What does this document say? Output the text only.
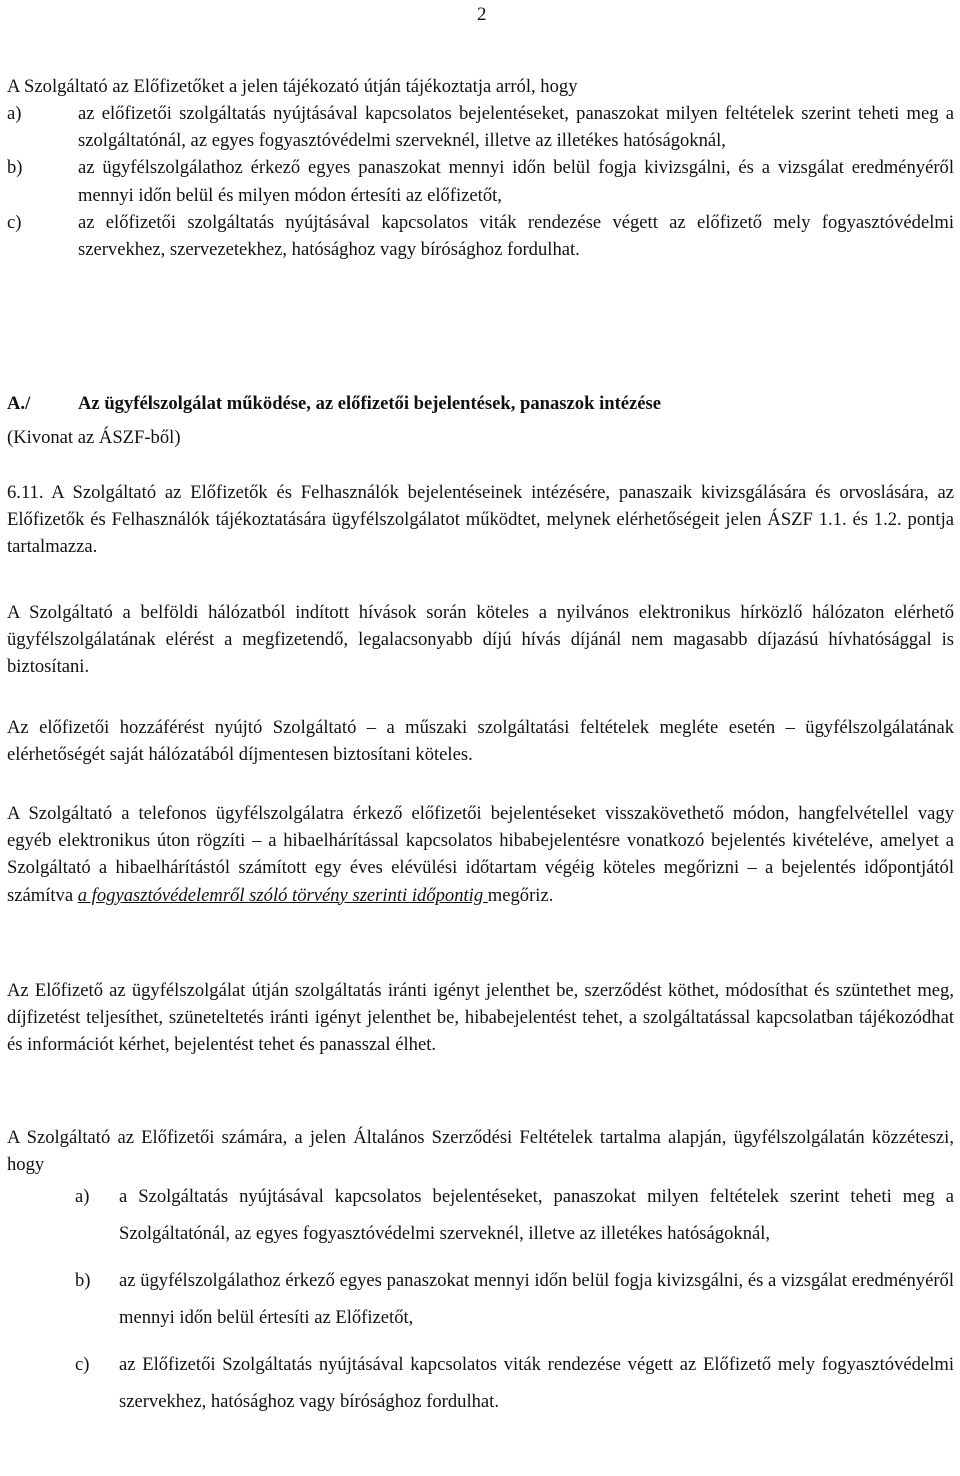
2

A Szolgáltató az Előfizetőket a jelen tájékozató útján tájékoztatja arról, hogy

a)	az előfizetői szolgáltatás nyújtásával kapcsolatos bejelentéseket, panaszokat milyen feltételek szerint teheti meg a szolgáltatónál, az egyes fogyasztóvédelmi szerveknél, illetve az illetékes hatóságoknál,
b)	az ügyfélszolgálathoz érkező egyes panaszokat mennyi időn belül fogja kivizsgálni, és a vizsgálat eredményéről mennyi időn belül és milyen módon értesíti az előfizetőt,
c)	az előfizetői szolgáltatás nyújtásával kapcsolatos viták rendezése végett az előfizető mely fogyasztóvédelmi szervekhez, szervezetekhez, hatósághoz vagy bírósághoz fordulhat.
A./	Az ügyfélszolgálat működése, az előfizetői bejelentések, panaszok intézése
(Kivonat az ÁSZF-ből)

6.11. A Szolgáltató az Előfizetők és Felhasználók bejelentéseinek intézésére, panaszaik kivizsgálására és orvoslására, az Előfizetők és Felhasználók tájékoztatására ügyfélszolgálatot működtet, melynek elérhetőségeit jelen ÁSZF 1.1. és 1.2. pontja tartalmazza.

A Szolgáltató a belföldi hálózatból indított hívások során köteles a nyilvános elektronikus hírközlő hálózaton elérhető ügyfélszolgálatának elérést a megfizetendő, legalacsonyabb díjú hívás díjánál nem magasabb díjazású hívhatósággal is biztosítani.

Az előfizetői hozzáférést nyújtó Szolgáltató – a műszaki szolgáltatási feltételek megléte esetén – ügyfélszolgálatának elérhetőségét saját hálózatából díjmentesen biztosítani köteles.

A Szolgáltató a telefonos ügyfélszolgálatra érkező előfizetői bejelentéseket visszakövethető módon, hangfelvétellel vagy egyéb elektronikus úton rögzíti – a hibaelhárítással kapcsolatos hibabejelentésre vonatkozó bejelentés kivételéve, amelyet a Szolgáltató a hibaelhárítástól számított egy éves elévülési időtartam végéig köteles megőrizni – a bejelentés időpontjától számítva a fogyasztóvédelemről szóló törvény szerinti időpontig megőriz.

Az Előfizető az ügyfélszolgálat útján szolgáltatás iránti igényt jelenthet be, szerződést köthet, módosíthat és szüntethet meg, díjfizetést teljesíthet, szüneteltetés iránti igényt jelenthet be, hibabejelentést tehet, a szolgáltatással kapcsolatban tájékozódhat és információt kérhet, bejelentést tehet és panasszal élhet.

A Szolgáltató az Előfizetői számára, a jelen Általános Szerződési Feltételek tartalma alapján, ügyfélszolgálatán közzéteszi, hogy

a)	a Szolgáltatás nyújtásával kapcsolatos bejelentéseket, panaszokat milyen feltételek szerint teheti meg a Szolgáltatónál, az egyes fogyasztóvédelmi szerveknél, illetve az illetékes hatóságoknál,
b)	az ügyfélszolgálathoz érkező egyes panaszokat mennyi időn belül fogja kivizsgálni, és a vizsgálat eredményéről mennyi időn belül értesíti az Előfizetőt,
c)	az Előfizetői Szolgáltatás nyújtásával kapcsolatos viták rendezése végett az Előfizető mely fogyasztóvédelmi szervekhez, hatósághoz vagy bírósághoz fordulhat.
